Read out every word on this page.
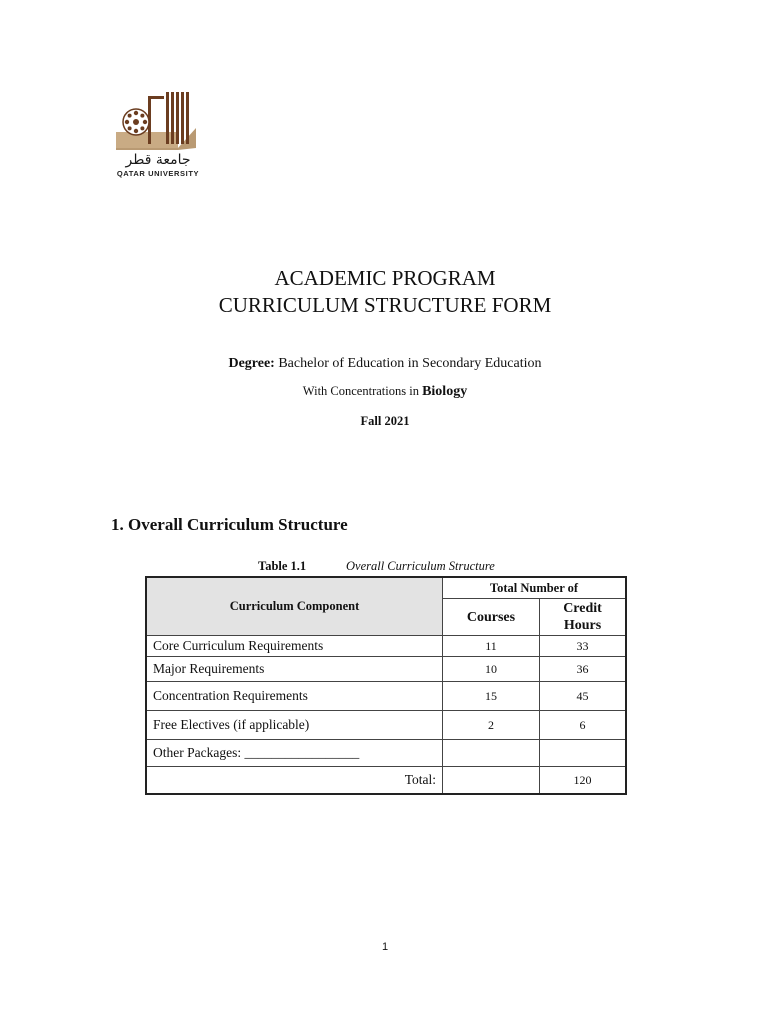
جامعة قطر
QATAR UNIVERSITY
ACADEMIC PROGRAM
CURRICULUM STRUCTURE FORM
Degree: Bachelor of Education in Secondary Education
With Concentrations in Biology
Fall 2021
1. Overall Curriculum Structure
Table 1.1	Overall Curriculum Structure
Curriculum Component	Total Number of	
	Courses	Credit
Hours
Core Curriculum Requirements	11	33
Major Requirements	10	36
Concentration Requirements	15	45
Free Electives (if applicable)	2	6
Other Packages: _________________		
Total:		120
1
